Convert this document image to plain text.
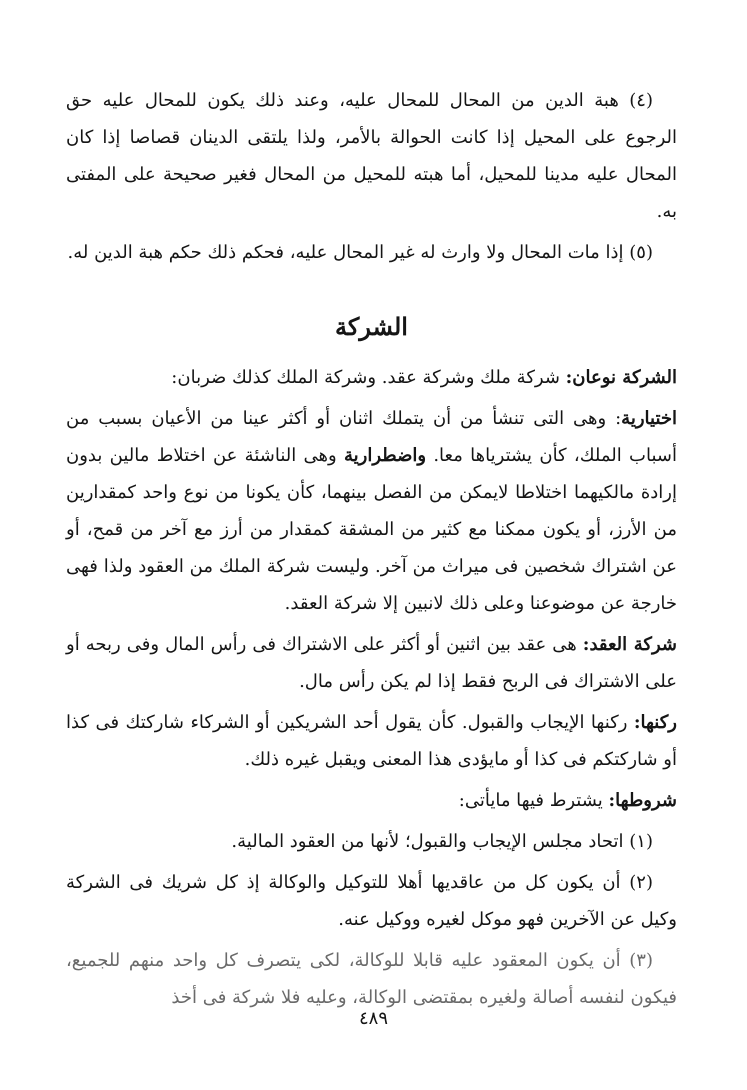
(٤) هبة الدين من المحال للمحال عليه، وعند ذلك يكون للمحال عليه حق الرجوع على المحيل إذا كانت الحوالة بالأمر، ولذا يلتقى الدينان قصاصا إذا كان المحال عليه مدينا للمحيل، أما هبته للمحيل من المحال فغير صحيحة على المفتى به.

(٥) إذا مات المحال ولا وارث له غير المحال عليه، فحكم ذلك حكم هبة الدين له.

الشركة

الشركة نوعان: شركة ملك وشركة عقد. وشركة الملك كذلك ضربان:

اختيارية: وهى التى تنشأ من أن يتملك اثنان أو أكثر عينا من الأعيان بسبب من أسباب الملك، كأن يشترياها معا. واضطرارية وهى الناشئة عن اختلاط مالين بدون إرادة مالكيهما اختلاطا لايمكن من الفصل بينهما، كأن يكونا من نوع واحد كمقدارين من الأرز، أو يكون ممكنا مع كثير من المشقة كمقدار من أرز مع آخر من قمح، أو عن اشتراك شخصين فى ميراث من آخر. وليست شركة الملك من العقود ولذا فهى خارجة عن موضوعنا وعلى ذلك لانبين إلا شركة العقد.

شركة العقد: هى عقد بين اثنين أو أكثر على الاشتراك فى رأس المال وفى ربحه أو على الاشتراك فى الربح فقط إذا لم يكن رأس مال.

ركنها: ركنها الإيجاب والقبول. كأن يقول أحد الشريكين أو الشركاء شاركتك فى كذا أو شاركتكم فى كذا أو مايؤدى هذا المعنى ويقبل غيره ذلك.

شروطها: يشترط فيها مايأتى:

(١) اتحاد مجلس الإيجاب والقبول؛ لأنها من العقود المالية.

(٢) أن يكون كل من عاقديها أهلا للتوكيل والوكالة إذ كل شريك فى الشركة وكيل عن الآخرين فهو موكل لغيره ووكيل عنه.

(٣) أن يكون المعقود عليه قابلا للوكالة، لكى يتصرف كل واحد منهم للجميع، فيكون لنفسه أصالة ولغيره بمقتضى الوكالة، وعليه فلا شركة فى أخذ

٤٨٩
